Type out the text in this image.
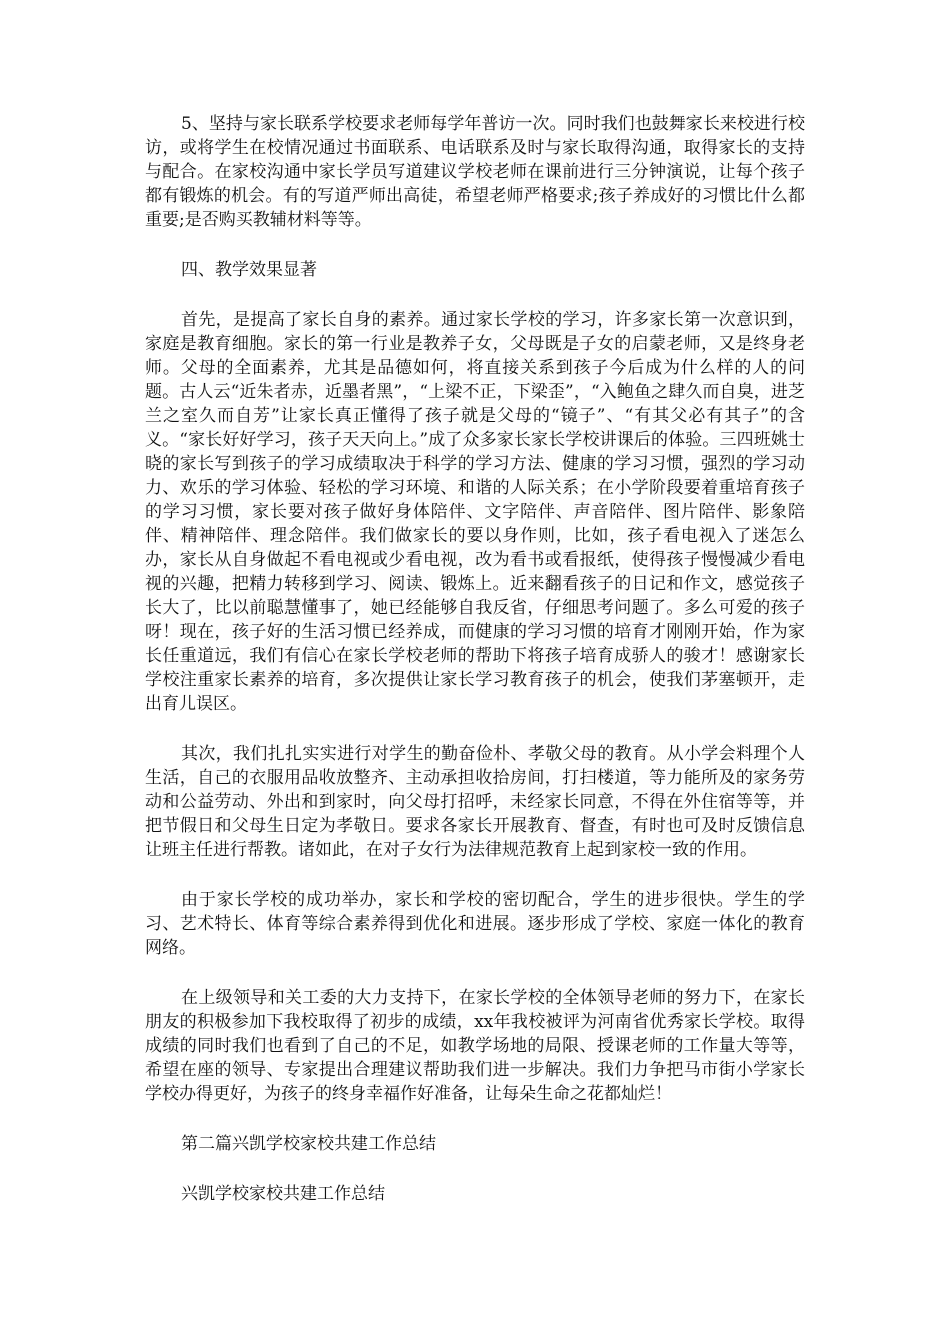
5、坚持与家长联系学校要求老师每学年普访一次。同时我们也鼓舞家长来校进行校访，或将学生在校情况通过书面联系、电话联系及时与家长取得沟通，取得家长的支持与配合。在家校沟通中家长学员写道建议学校老师在课前进行三分钟演说，让每个孩子都有锻炼的机会。有的写道严师出高徒，希望老师严格要求;孩子养成好的习惯比什么都重要;是否购买教辅材料等等。

四、教学效果显著

首先，是提高了家长自身的素养。通过家长学校的学习，许多家长第一次意识到，家庭是教育细胞。家长的第一行业是教养子女，父母既是子女的启蒙老师，又是终身老师。父母的全面素养，尤其是品德如何，将直接关系到孩子今后成为什么样的人的问题。古人云“近朱者赤，近墨者黑”，“上梁不正，下梁歪”，“入鲍鱼之肆久而自臭，进芝兰之室久而自芳”让家长真正懂得了孩子就是父母的“镜子”、“有其父必有其子”的含义。“家长好好学习，孩子天天向上。”成了众多家长家长学校讲课后的体验。三四班姚士晓的家长写到孩子的学习成绩取决于科学的学习方法、健康的学习习惯，强烈的学习动力、欢乐的学习体验、轻松的学习环境、和谐的人际关系；在小学阶段要着重培育孩子的学习习惯，家长要对孩子做好身体陪伴、文字陪伴、声音陪伴、图片陪伴、影象陪伴、精神陪伴、理念陪伴。我们做家长的要以身作则，比如，孩子看电视入了迷怎么办，家长从自身做起不看电视或少看电视，改为看书或看报纸，使得孩子慢慢减少看电视的兴趣，把精力转移到学习、阅读、锻炼上。近来翻看孩子的日记和作文，感觉孩子长大了，比以前聪慧懂事了，她已经能够自我反省，仔细思考问题了。多么可爱的孩子呀！现在，孩子好的生活习惯已经养成，而健康的学习习惯的培育才刚刚开始，作为家长任重道远，我们有信心在家长学校老师的帮助下将孩子培育成骄人的骏才！感谢家长学校注重家长素养的培育，多次提供让家长学习教育孩子的机会，使我们茅塞顿开，走出育儿误区。

其次，我们扎扎实实进行对学生的勤奋俭朴、孝敬父母的教育。从小学会料理个人生活，自己的衣服用品收放整齐、主动承担收拾房间，打扫楼道，等力能所及的家务劳动和公益劳动、外出和到家时，向父母打招呼，未经家长同意，不得在外住宿等等，并把节假日和父母生日定为孝敬日。要求各家长开展教育、督查，有时也可及时反馈信息让班主任进行帮教。诸如此，在对子女行为法律规范教育上起到家校一致的作用。

由于家长学校的成功举办，家长和学校的密切配合，学生的进步很快。学生的学习、艺术特长、体育等综合素养得到优化和进展。逐步形成了学校、家庭一体化的教育网络。

在上级领导和关工委的大力支持下，在家长学校的全体领导老师的努力下，在家长朋友的积极参加下我校取得了初步的成绩，xx年我校被评为河南省优秀家长学校。取得成绩的同时我们也看到了自己的不足，如教学场地的局限、授课老师的工作量大等等，希望在座的领导、专家提出合理建议帮助我们进一步解决。我们力争把马市街小学家长学校办得更好，为孩子的终身幸福作好准备，让每朵生命之花都灿烂！

第二篇兴凯学校家校共建工作总结

兴凯学校家校共建工作总结
